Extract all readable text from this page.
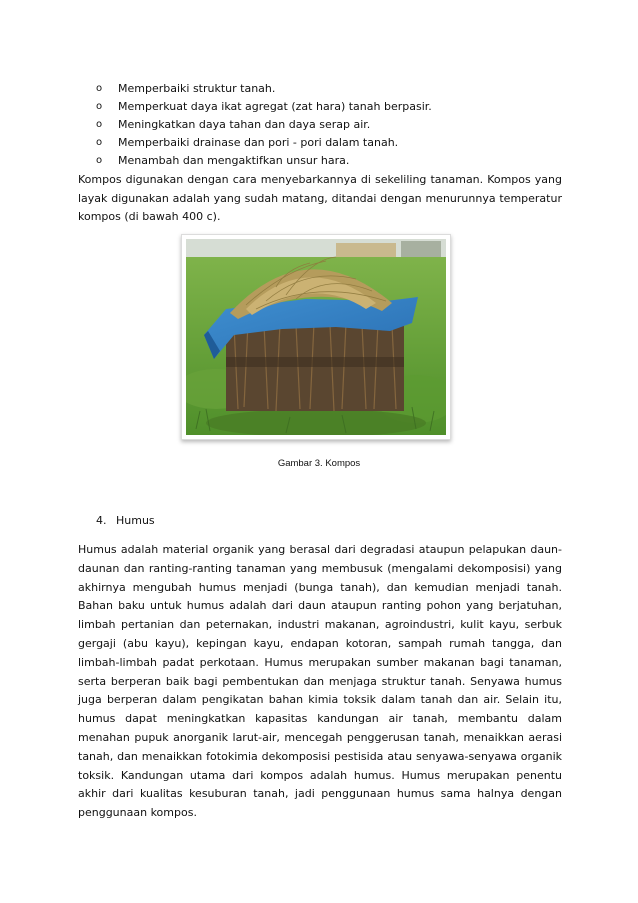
o Memperbaiki struktur tanah.
o Memperkuat daya ikat agregat (zat hara) tanah berpasir.
o Meningkatkan daya tahan dan daya serap air.
o Memperbaiki drainase dan pori - pori dalam tanah.
o Menambah dan mengaktifkan unsur hara.

Kompos digunakan dengan cara menyebarkannya di sekeliling tanaman. Kompos yang layak digunakan adalah yang sudah matang, ditandai dengan menurunnya temperatur kompos (di bawah 400 c).

Gambar 3. Kompos
4. Humus

Humus adalah material organik yang berasal dari degradasi ataupun pelapukan daun-daunan dan ranting-ranting tanaman yang membusuk (mengalami dekomposisi) yang akhirnya mengubah humus menjadi (bunga tanah), dan kemudian menjadi tanah. Bahan baku untuk humus adalah dari daun ataupun ranting pohon yang berjatuhan, limbah pertanian dan peternakan, industri makanan, agroindustri, kulit kayu, serbuk gergaji (abu kayu), kepingan kayu, endapan kotoran, sampah rumah tangga, dan limbah-limbah padat perkotaan. Humus merupakan sumber makanan bagi tanaman, serta berperan baik bagi pembentukan dan menjaga struktur tanah. Senyawa humus juga berperan dalam pengikatan bahan kimia toksik dalam tanah dan air. Selain itu, humus dapat meningkatkan kapasitas kandungan air tanah, membantu dalam menahan pupuk anorganik larut-air, mencegah penggerusan tanah, menaikkan aerasi tanah, dan menaikkan fotokimia dekomposisi pestisida atau senyawa-senyawa organik toksik. Kandungan utama dari kompos adalah humus. Humus merupakan penentu akhir dari kualitas kesuburan tanah, jadi penggunaan humus sama halnya dengan penggunaan kompos.
